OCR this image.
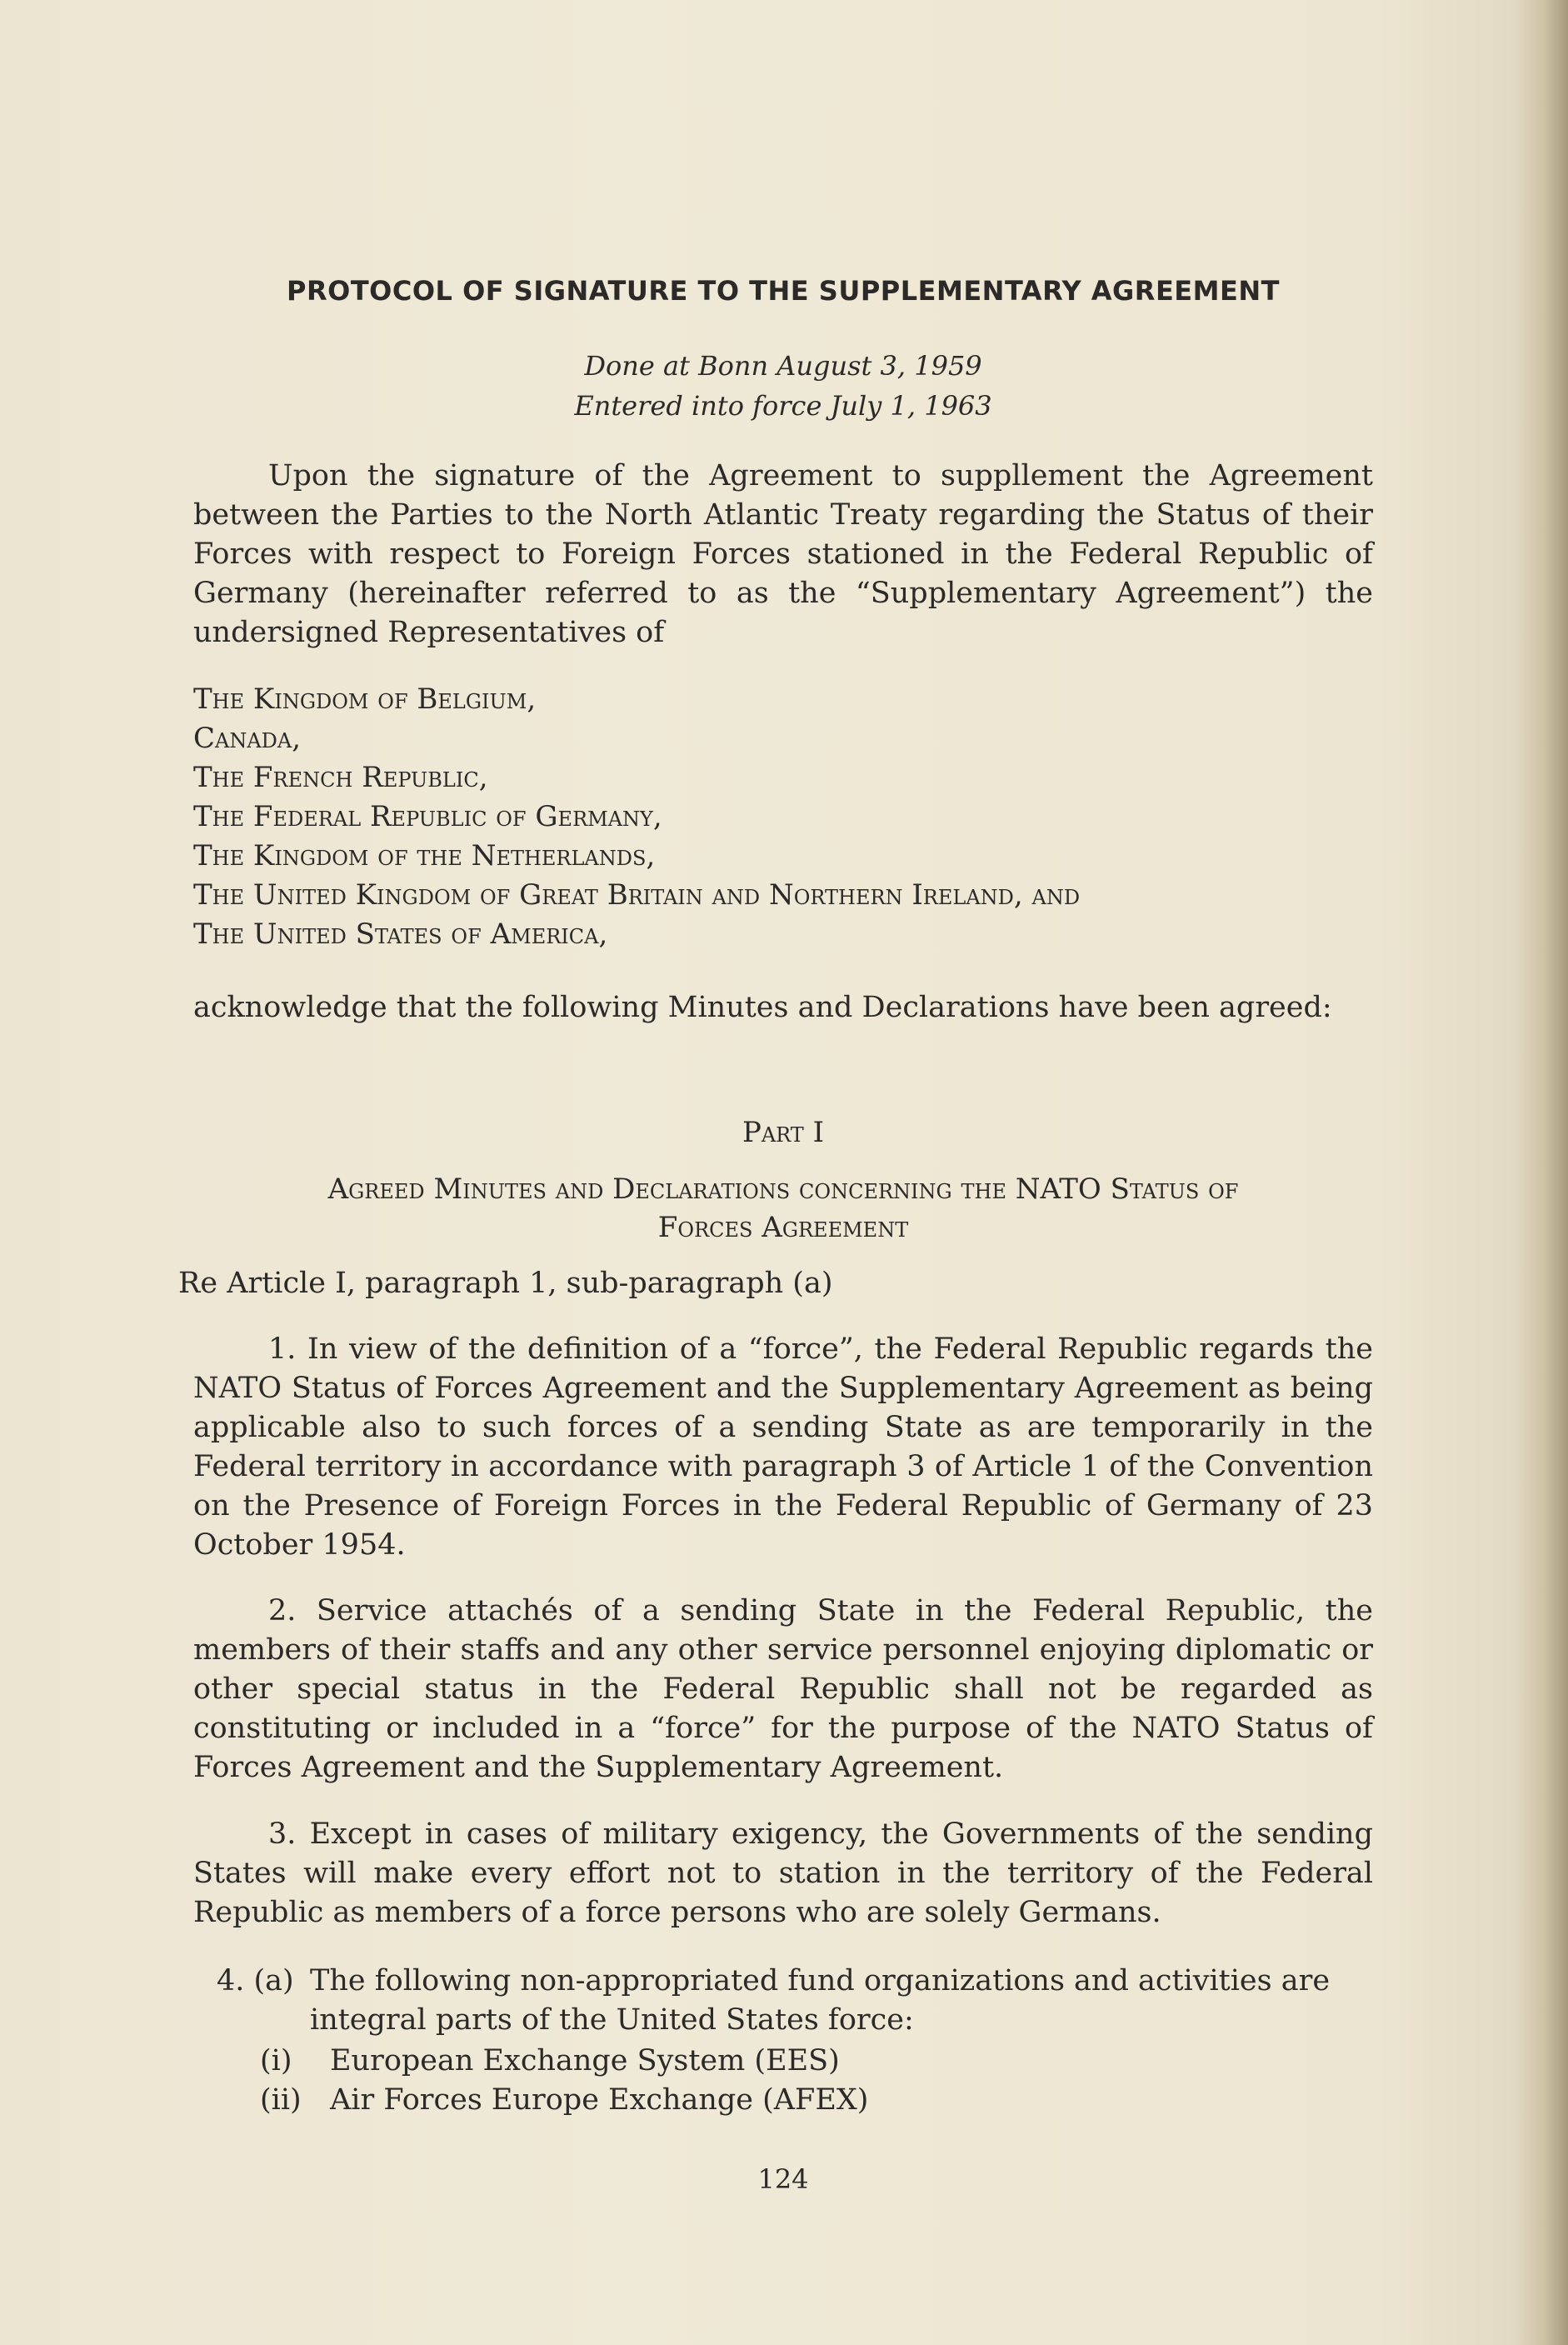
PROTOCOL OF SIGNATURE TO THE SUPPLEMENTARY AGREEMENT
Done at Bonn August 3, 1959
Entered into force July 1, 1963
Upon the signature of the Agreement to suppllement the Agreement between the Parties to the North Atlantic Treaty regarding the Status of their Forces with respect to Foreign Forces stationed in the Federal Republic of Germany (hereinafter referred to as the “Supplementary Agreement”) the undersigned Representatives of
The Kingdom of Belgium,
Canada,
The French Republic,
The Federal Republic of Germany,
The Kingdom of the Netherlands,
The United Kingdom of Great Britain and Northern Ireland, and
The United States of America,
acknowledge that the following Minutes and Declarations have been agreed:
Part I
Agreed Minutes and Declarations concerning the NATO Status of
Forces Agreement
Re Article I, paragraph 1, sub-paragraph (a)
1. In view of the definition of a “force”, the Federal Republic regards the NATO Status of Forces Agreement and the Supplementary Agreement as being applicable also to such forces of a sending State as are temporarily in the Federal territory in accordance with paragraph 3 of Article 1 of the Convention on the Presence of Foreign Forces in the Federal Republic of Germany of 23 October 1954.
2. Service attachés of a sending State in the Federal Republic, the members of their staffs and any other service personnel enjoying diplomatic or other special status in the Federal Republic shall not be regarded as constituting or included in a “force” for the purpose of the NATO Status of Forces Agreement and the Supplementary Agreement.
3. Except in cases of military exigency, the Governments of the sending States will make every effort not to station in the territory of the Federal Republic as members of a force persons who are solely Germans.
4. (a) The following non-appropriated fund organizations and activities are integral parts of the United States force:
(i)	European Exchange System (EES)
(ii) Air Forces Europe Exchange (AFEX)
124
